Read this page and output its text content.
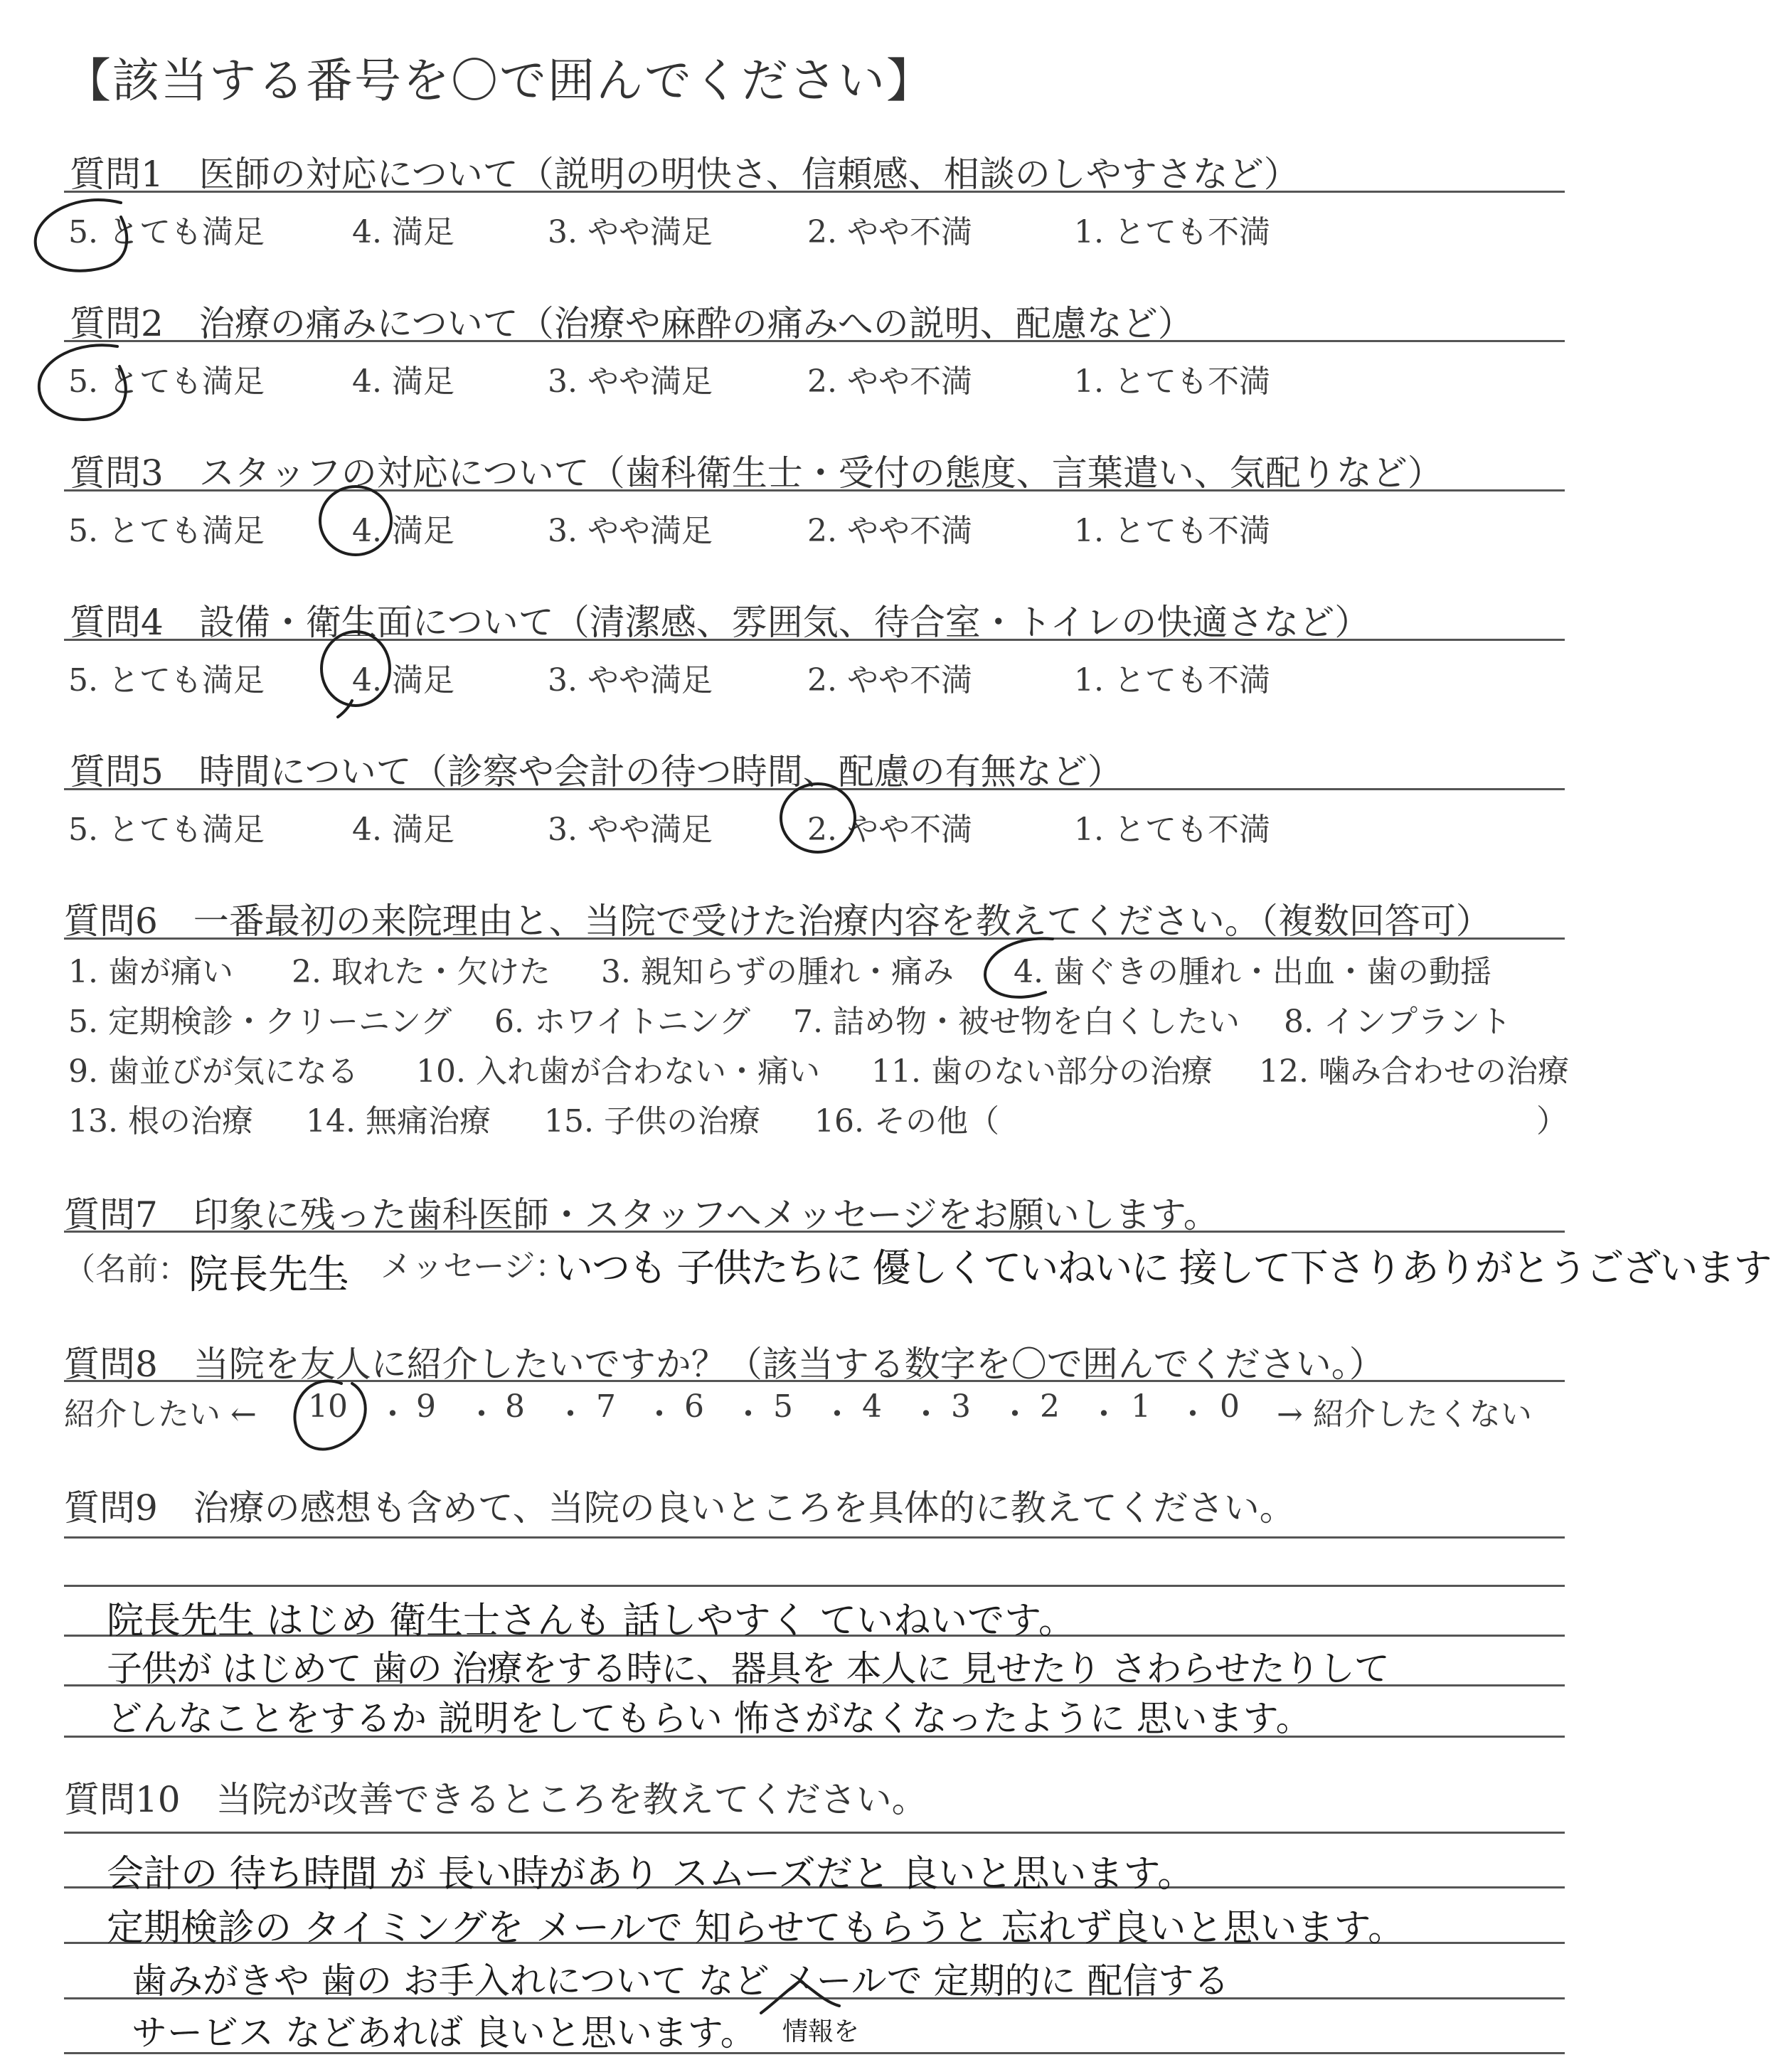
【該当する番号を〇で囲んでください】
質問1　医師の対応について（説明の明快さ、信頼感、相談のしやすさなど）
5. とても満足	4. 満足	3. やや満足	2. やや不満	1. とても不満
質問2　治療の痛みについて（治療や麻酔の痛みへの説明、配慮など）
5. とても満足	4. 満足	3. やや満足	2. やや不満	1. とても不満
質問3　スタッフの対応について（歯科衛生士・受付の態度、言葉遣い、気配りなど）
5. とても満足	4. 満足	3. やや満足	2. やや不満	1. とても不満
質問4　設備・衛生面について（清潔感、雰囲気、待合室・トイレの快適さなど）
5. とても満足	4. 満足	3. やや満足	2. やや不満	1. とても不満
質問5　時間について（診察や会計の待つ時間、配慮の有無など）
5. とても満足	4. 満足	3. やや満足	2. やや不満	1. とても不満
質問6　一番最初の来院理由と、当院で受けた治療内容を教えてください。（複数回答可）
1. 歯が痛い 2. 取れた・欠けた 3. 親知らずの腫れ・痛み 4. 歯ぐきの腫れ・出血・歯の動揺
5. 定期検診・クリーニング 6. ホワイトニング 7. 詰め物・被せ物を白くしたい 8. インプラント
9. 歯並びが気になる 10. 入れ歯が合わない・痛い 11. 歯のない部分の治療 12. 噛み合わせの治療
13. 根の治療 14. 無痛治療 15. 子供の治療 16. その他（	）
質問7　印象に残った歯科医師・スタッフへメッセージをお願いします。
（名前： 院長先生 メッセージ：
いつも 子供たちに 優しくていねいに 接して下さりありがとうございます
質問8　当院を友人に紹介したいですか？（該当する数字を〇で囲んでください。）
紹介したい ← 10 ・ 9 ・ 8 ・ 7 ・ 6 ・ 5 ・ 4 ・ 3 ・ 2 ・ 1 ・ 0 → 紹介したくない
質問9　治療の感想も含めて、当院の良いところを具体的に教えてください。
院長先生 はじめ 衛生士さんも 話しやすく ていねいです。
子供が はじめて 歯の 治療をする時に、器具を 本人に 見せたり さわらせたりして
どんなことをするか 説明をしてもらい 怖さがなくなったように 思います。
質問10　当院が改善できるところを教えてください。
会計の 待ち時間 が 長い時があり スムーズだと 良いと思います。
定期検診の タイミングを メールで 知らせてもらうと 忘れず良いと思います。
歯みがきや 歯の お手入れについて など メールで 定期的に 配信する
サービス などあれば 良いと思います。 情報を
